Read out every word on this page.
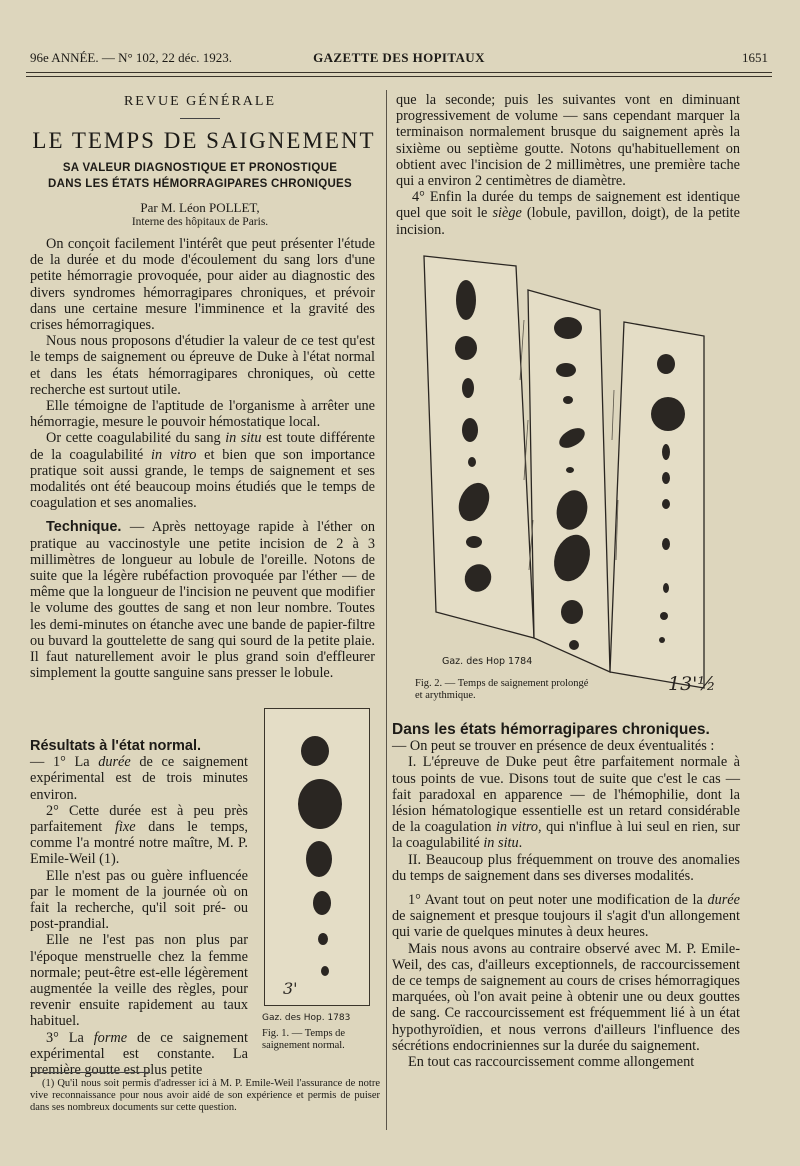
96e ANNÉE. — N° 102, 22 déc. 1923.	GAZETTE DES HOPITAUX	1651
REVUE GÉNÉRALE
LE TEMPS DE SAIGNEMENT
SA VALEUR DIAGNOSTIQUE ET PRONOSTIQUE
DANS LES ÉTATS HÉMORRAGIPARES CHRONIQUES
Par M. Léon POLLET,
Interne des hôpitaux de Paris.

On conçoit facilement l'intérêt que peut présenter l'étude de la durée et du mode d'écoulement du sang lors d'une petite hémorragie provoquée, pour aider au diagnostic des divers syndromes hémorragipares chroniques, et prévoir dans une certaine mesure l'imminence et la gravité des crises hémorragiques.

Nous nous proposons d'étudier la valeur de ce test qu'est le temps de saignement ou épreuve de Duke à l'état normal et dans les états hémorragipares chroniques, où cette recherche est surtout utile.

Elle témoigne de l'aptitude de l'organisme à arrêter une hémorragie, mesure le pouvoir hémostatique local.

Or cette coagulabilité du sang in situ est toute différente de la coagulabilité in vitro et bien que son importance pratique soit aussi grande, le temps de saignement et ses modalités ont été beaucoup moins étudiés que le temps de coagulation et ses anomalies.

Technique. — Après nettoyage rapide à l'éther on pratique au vaccinostyle une petite incision de 2 à 3 millimètres de longueur au lobule de l'oreille. Notons de suite que la légère rubéfaction provoquée par l'éther — de même que la longueur de l'incision ne peuvent que modifier le volume des gouttes de sang et non leur nombre. Toutes les demi-minutes on étanche avec une bande de papier-filtre ou buvard la gouttelette de sang qui sourd de la petite plaie. Il faut naturellement avoir le plus grand soin d'effleurer simplement la goutte sanguine sans presser le lobule.

Résultats à l'état normal.
— 1° La durée de ce saignement expérimental est de trois minutes environ.

2° Cette durée est à peu près parfaitement fixe dans le temps, comme l'a montré notre maître, M. P. Emile-Weil (1).

Elle n'est pas ou guère influencée par le moment de la journée où on fait la recherche, qu'il soit pré- ou post-prandial.

Elle ne l'est pas non plus par l'époque menstruelle chez la femme normale; peut-être est-elle légèrement augmentée la veille des règles, pour revenir ensuite rapidement au taux habituel.

3° La forme de ce saignement expérimental est constante. La première goutte est plus petite

3'
Gaz. des Hop. 1783
Fig. 1. — Temps de saignement normal.

(1) Qu'il nous soit permis d'adresser ici à M. P. Emile-Weil l'assurance de notre vive reconnaissance pour nous avoir aidé de son expérience et permis de puiser dans ses nombreux documents sur cette question.

que la seconde; puis les suivantes vont en diminuant progressivement de volume — sans cependant marquer la terminaison normalement brusque du saignement après la sixième ou septième goutte. Notons qu'habituellement on obtient avec l'incision de 2 millimètres, une première tache qui a environ 2 centimètres de diamètre.

4° Enfin la durée du temps de saignement est identique quel que soit le siège (lobule, pavillon, doigt), de la petite incision.

13'½
Gaz. des Hop 1784
Fig. 2. — Temps de saignement prolongé et arythmique.

Dans les états hémorragipares chroniques.
— On peut se trouver en présence de deux éventualités :

I. L'épreuve de Duke peut être parfaitement normale à tous points de vue. Disons tout de suite que c'est le cas — fait paradoxal en apparence — de l'hémophilie, dont la lésion hématologique essentielle est un retard considérable de la coagulation in vitro, qui n'influe à lui seul en rien, sur la coagulabilité in situ.

II. Beaucoup plus fréquemment on trouve des anomalies du temps de saignement dans ses diverses modalités.

1° Avant tout on peut noter une modification de la durée de saignement et presque toujours il s'agit d'un allongement qui varie de quelques minutes à deux heures.

Mais nous avons au contraire observé avec M. P. Emile-Weil, des cas, d'ailleurs exceptionnels, de raccourcissement de ce temps de saignement au cours de crises hémorragiques marquées, où l'on avait peine à obtenir une ou deux gouttes de sang. Ce raccourcissement est fréquemment lié à un état hypothyroïdien, et nous verrons d'ailleurs l'influence des sécrétions endocriniennes sur la durée du saignement.

En tout cas raccourcissement comme allongement
